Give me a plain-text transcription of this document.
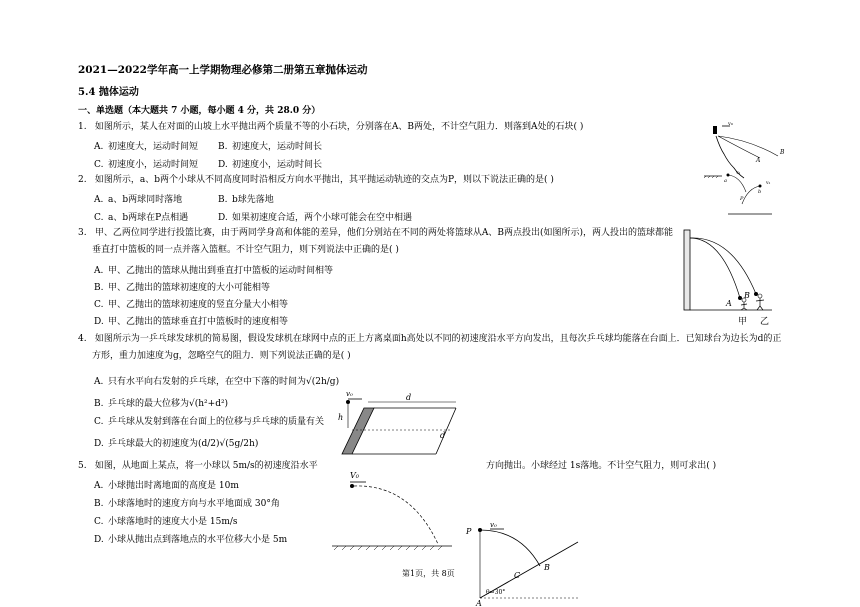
2021—2022学年高一上学期物理必修第二册第五章抛体运动
5.4 抛体运动
一、单选题（本大题共 7 小题，每小题 4 分，共 28.0 分）
1. 如图所示，某人在对面的山坡上水平抛出两个质量不等的小石块，分别落在A、B两处，不计空气阻力．则落到A处的石块( )
A. 初速度大，运动时间短 B. 初速度大，运动时间长
C. 初速度小，运动时间短 D. 初速度小，运动时间长
2. 如图所示，a、b两个小球从不同高度同时沿相反方向水平抛出，其平抛运动轨迹的交点为P，则以下说法正确的是( )
A. a、b两球同时落地	B. b球先落地
C. a、b两球在P点相遇	D. 如果初速度合适，两个小球可能会在空中相遇
3. 甲、乙两位同学进行投篮比赛，由于两同学身高和体能的差异，他们分别站在不同的两处将篮球从A、B两点投出(如图所示)，两人投出的篮球都能
垂直打中篮板的同一点并落入篮框。不计空气阻力，则下列说法中正确的是( )
A. 甲、乙抛出的篮球从抛出到垂直打中篮板的运动时间相等
B. 甲、乙抛出的篮球初速度的大小可能相等
C. 甲、乙抛出的篮球初速度的竖直分量大小相等
D. 甲、乙抛出的篮球垂直打中篮板时的速度相等
4. 如图所示为一乒乓球发球机的简易图，假设发球机在球网中点的正上方离桌面h高处以不同的初速度沿水平方向发出，且每次乒乓球均能落在台面上．已知球台为边长为d的正
方形，重力加速度为g，忽略空气的阻力．则下列说法正确的是( )
A. 只有水平向右发射的乒乓球，在空中下落的时间为√(2h/g)
B. 乒乓球的最大位移为√(h²+d²)
C. 乒乓球从发射到落在台面上的位移与乒乓球的质量有关
D. 乒乓球最大的初速度为(d/2)√(5g/2h)
5. 如图，从地面上某点，将一小球以 5m/s的初速度沿水平	方向抛出。小球经过 1s落地。不计空气阻力，则可求出( )
A. 小球抛出时离地面的高度是 10m
B. 小球落地时的速度方向与水平地面成 30°角
C. 小球落地时的速度大小是 15m/s
D. 小球从抛出点到落地点的水平位移大小是 5m
v₀
A
B
a
b
v₁
v₂
P
A
B
甲 乙
v₀
h
d
d
V₀
P
v₀
B
C
A
θ=30°
第1页，共 8页
